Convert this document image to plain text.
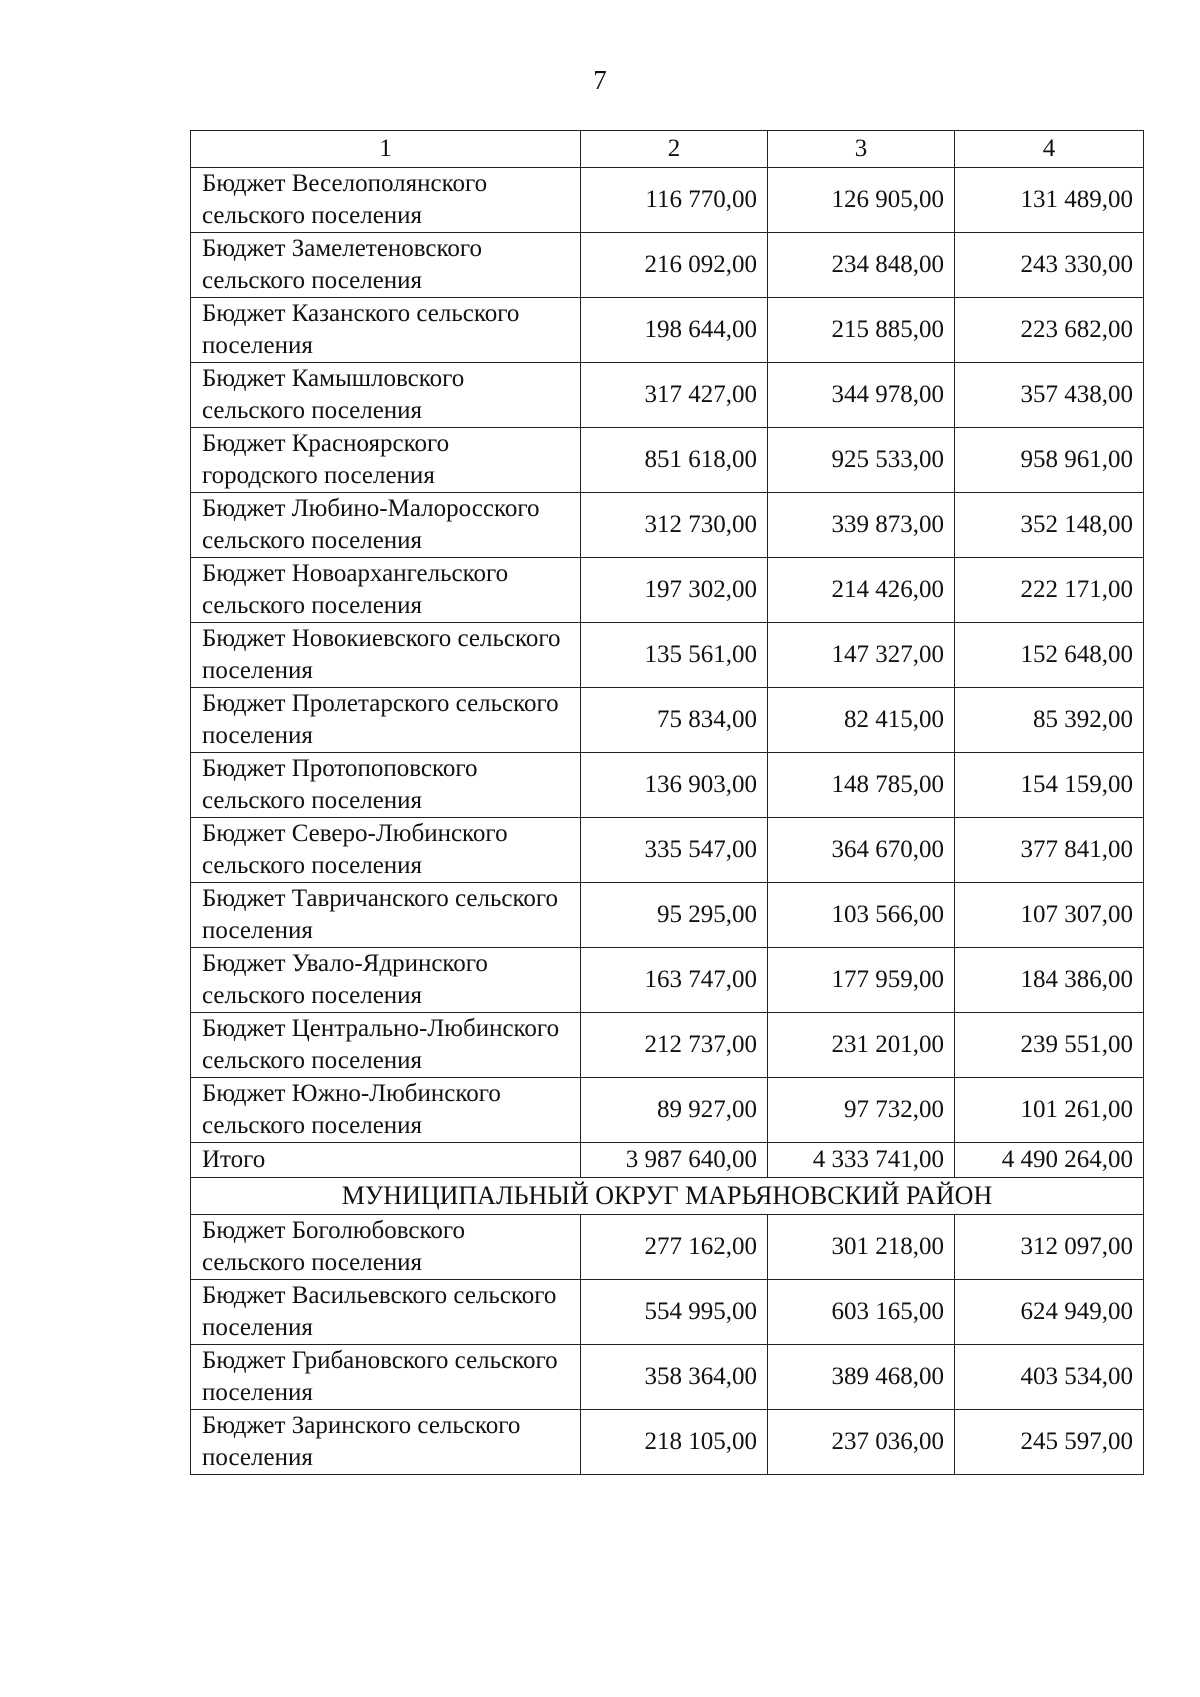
7
1	2	3	4
Бюджет Веселополянского сельского поселения	116 770,00	126 905,00	131 489,00
Бюджет Замелетеновского сельского поселения	216 092,00	234 848,00	243 330,00
Бюджет Казанского сельского поселения	198 644,00	215 885,00	223 682,00
Бюджет Камышловского сельского поселения	317 427,00	344 978,00	357 438,00
Бюджет Красноярского городского поселения	851 618,00	925 533,00	958 961,00
Бюджет Любино-Малоросского сельского поселения	312 730,00	339 873,00	352 148,00
Бюджет Новоархангельского сельского поселения	197 302,00	214 426,00	222 171,00
Бюджет Новокиевского сельского поселения	135 561,00	147 327,00	152 648,00
Бюджет Пролетарского сельского поселения	75 834,00	82 415,00	85 392,00
Бюджет Протопоповского сельского поселения	136 903,00	148 785,00	154 159,00
Бюджет Северо-Любинского сельского поселения	335 547,00	364 670,00	377 841,00
Бюджет Тавричанского сельского поселения	95 295,00	103 566,00	107 307,00
Бюджет Увало-Ядринского сельского поселения	163 747,00	177 959,00	184 386,00
Бюджет Центрально-Любинского сельского поселения	212 737,00	231 201,00	239 551,00
Бюджет Южно-Любинского сельского поселения	89 927,00	97 732,00	101 261,00
Итого	3 987 640,00	4 333 741,00	4 490 264,00
МУНИЦИПАЛЬНЫЙ ОКРУГ МАРЬЯНОВСКИЙ РАЙОН			
Бюджет Боголюбовского сельского поселения	277 162,00	301 218,00	312 097,00
Бюджет Васильевского сельского поселения	554 995,00	603 165,00	624 949,00
Бюджет Грибановского сельского поселения	358 364,00	389 468,00	403 534,00
Бюджет Заринского сельского поселения	218 105,00	237 036,00	245 597,00
